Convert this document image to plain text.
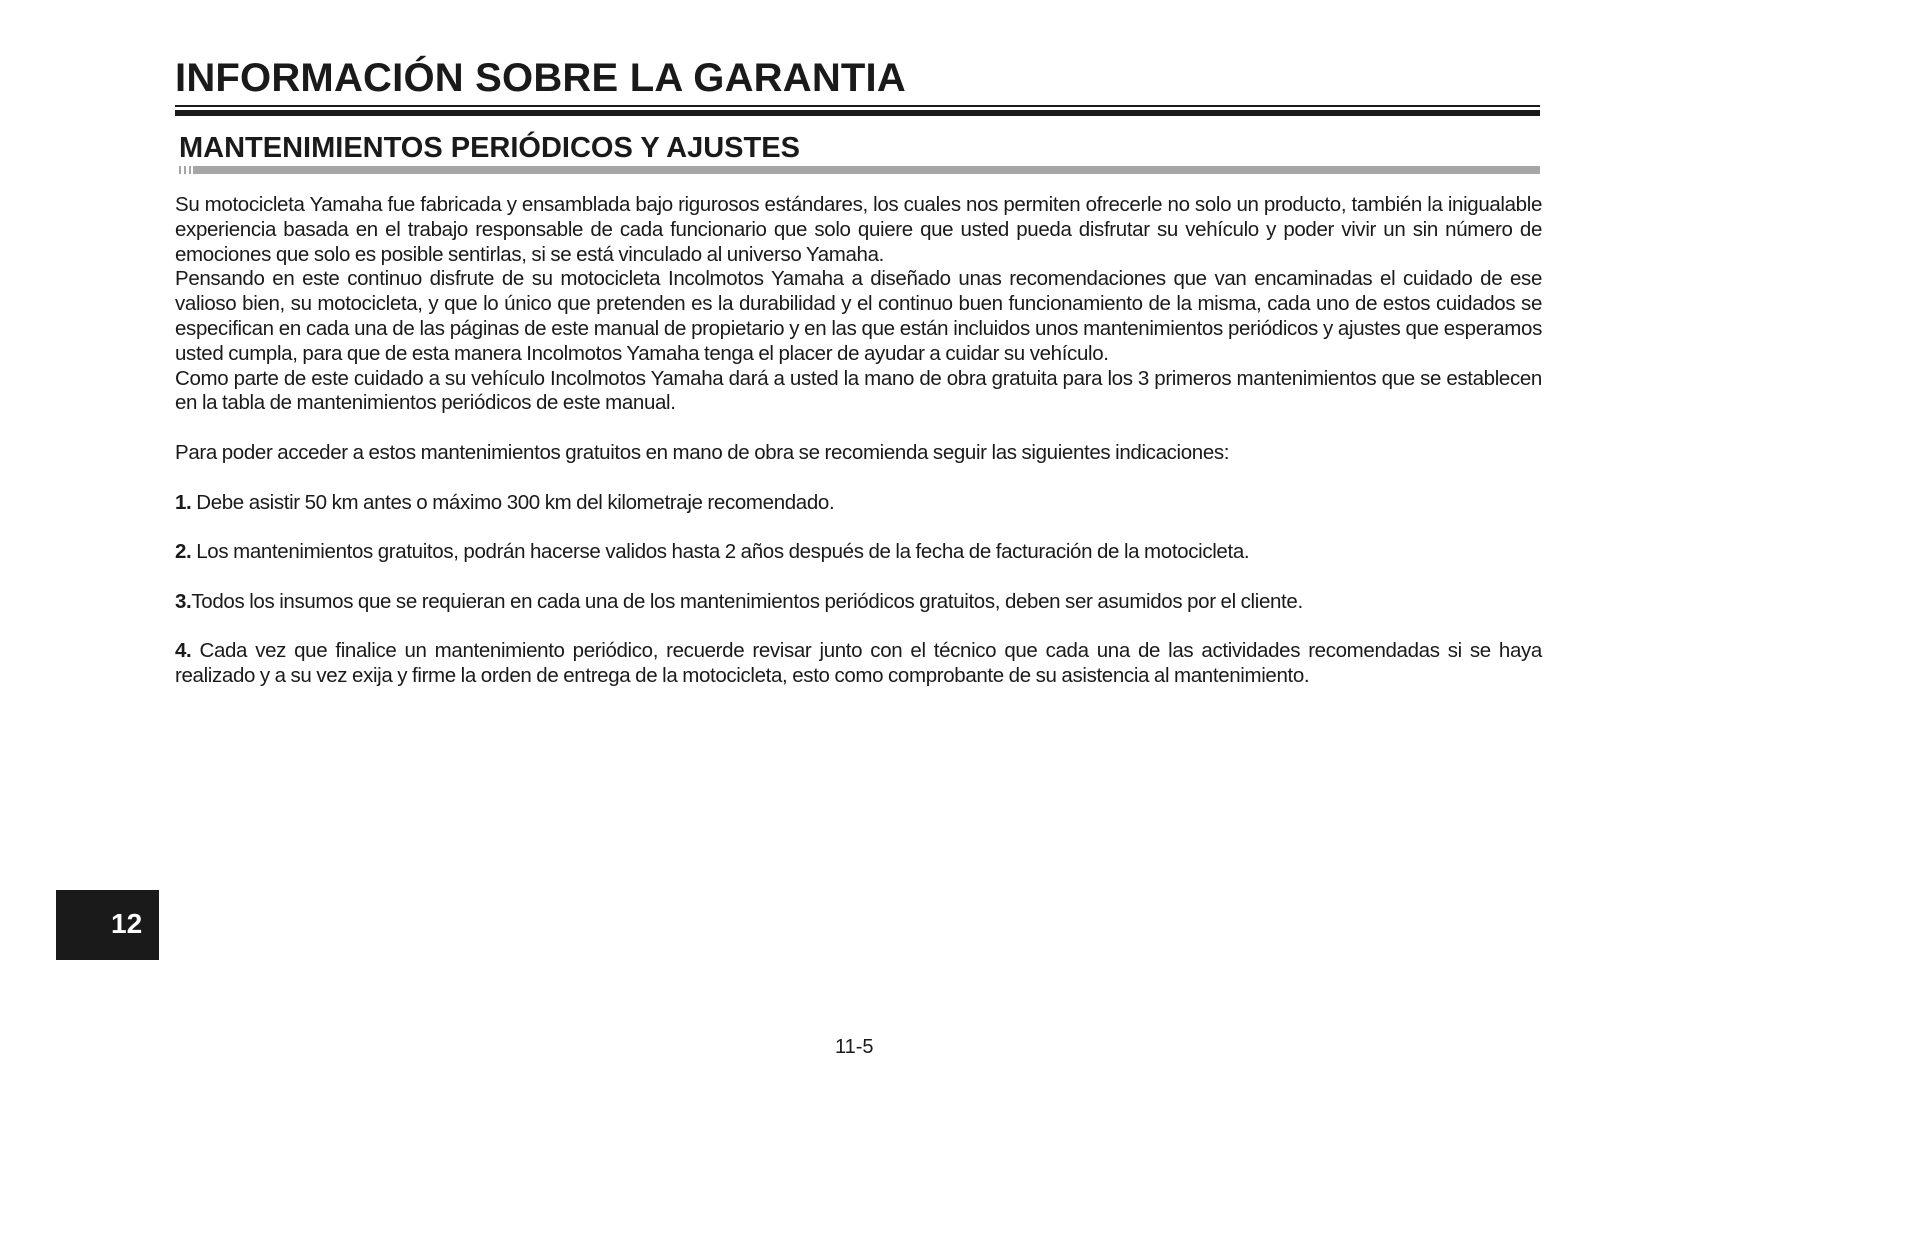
INFORMACIÓN SOBRE LA GARANTIA
MANTENIMIENTOS PERIÓDICOS Y AJUSTES

Su motocicleta Yamaha fue fabricada y ensamblada bajo rigurosos estándares, los cuales nos permiten ofrecerle no solo un producto, también la inigualable experiencia basada en el trabajo responsable de cada funcionario que solo quiere que usted pueda disfrutar su vehículo y poder vivir un sin número de emociones que solo es posible sentirlas, si se está vinculado al universo Yamaha.

Pensando en este continuo disfrute de su motocicleta Incolmotos Yamaha a diseñado unas recomendaciones que van encaminadas el cuidado de ese valioso bien, su motocicleta, y que lo único que pretenden es la durabilidad y el continuo buen funcionamiento de la misma, cada uno de estos cuidados se especifican en cada una de las páginas de este manual de propietario y en las que están incluidos unos mantenimientos periódicos y ajustes que esperamos usted cumpla, para que de esta manera Incolmotos Yamaha tenga el placer de ayudar a cuidar su vehículo.

Como parte de este cuidado a su vehículo Incolmotos Yamaha dará a usted la mano de obra gratuita para los 3 primeros mantenimientos que se establecen en la tabla de mantenimientos periódicos de este manual.

Para poder acceder a estos mantenimientos gratuitos en mano de obra se recomienda seguir las siguientes indicaciones:

1. Debe asistir 50 km antes o máximo 300 km del kilometraje recomendado.

2. Los mantenimientos gratuitos, podrán hacerse validos hasta 2 años después de la fecha de facturación de la motocicleta.

3.Todos los insumos que se requieran en cada una de los mantenimientos periódicos gratuitos, deben ser asumidos por el cliente.

4. Cada vez que finalice un mantenimiento periódico, recuerde revisar junto con el técnico que cada una de las actividades recomendadas si se haya realizado y a su vez exija y firme la orden de entrega de la motocicleta, esto como comprobante de su asistencia al mantenimiento.

12
11-5
